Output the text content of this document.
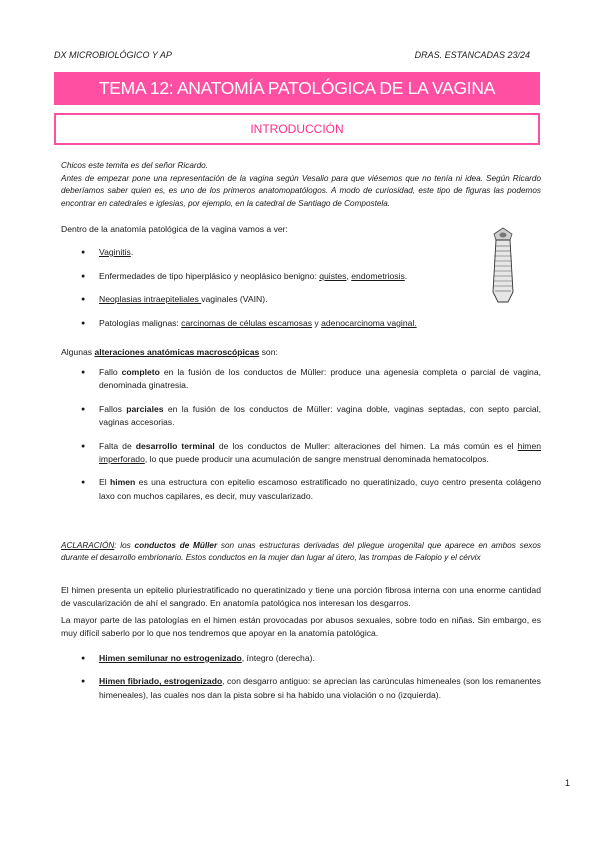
DX MICROBIOLÓGICO Y AP	DRAS. ESTANCADAS 23/24
TEMA 12: ANATOMÍA PATOLÓGICA DE LA VAGINA
INTRODUCCIÓN
Chicos este temita es del señor Ricardo.
Antes de empezar pone una representación de la vagina según Vesalio para que viésemos que no tenía ni idea. Según Ricardo deberíamos saber quien es, es uno de los primeros anatomopatólogos. A modo de curiosidad, este tipo de figuras las podemos encontrar en catedrales e iglesias, por ejemplo, en la catedral de Santiago de Compostela.
Dentro de la anatomía patológica de la vagina vamos a ver:
● Vaginitis.
● Enfermedades de tipo hiperplásico y neoplásico benigno: quistes, endometriosis.
● Neoplasias intraepiteliales vaginales (VAIN).
● Patologías malignas: carcinomas de células escamosas y adenocarcinoma vaginal.
Algunas alteraciones anatómicas macroscópicas son:
● Fallo completo en la fusión de los conductos de Müller: produce una agenesia completa o parcial de vagina, denominada ginatresia.
● Fallos parciales en la fusión de los conductos de Müller: vagina doble, vaginas septadas, con septo parcial, vaginas accesorias.
● Falta de desarrollo terminal de los conductos de Muller: alteraciones del himen. La más común es el himen imperforado, lo que puede producir una acumulación de sangre menstrual denominada hematocolpos.
● El himen es una estructura con epitelio escamoso estratificado no queratinizado, cuyo centro presenta colágeno laxo con muchos capilares, es decir, muy vascularizado.
ACLARACIÓN: los conductos de Müller son unas estructuras derivadas del pliegue urogenital que aparece en ambos sexos durante el desarrollo embrionario. Estos conductos en la mujer dan lugar al útero, las trompas de Falopio y el cérvix
El himen presenta un epitelio pluriestratificado no queratinizado y tiene una porción fibrosa interna con una enorme cantidad de vascularización de ahí el sangrado. En anatomía patológica nos interesan los desgarros.
La mayor parte de las patologías en el himen están provocadas por abusos sexuales, sobre todo en niñas. Sin embargo, es muy difícil saberlo por lo que nos tendremos que apoyar en la anatomía patológica.
● Himen semilunar no estrogenizado, íntegro (derecha).
● Himen fibriado, estrogenizado, con desgarro antiguo: se aprecian las carúnculas himeneales (son los remanentes himeneales), las cuales nos dan la pista sobre si ha habido una violación o no (izquierda).
1
